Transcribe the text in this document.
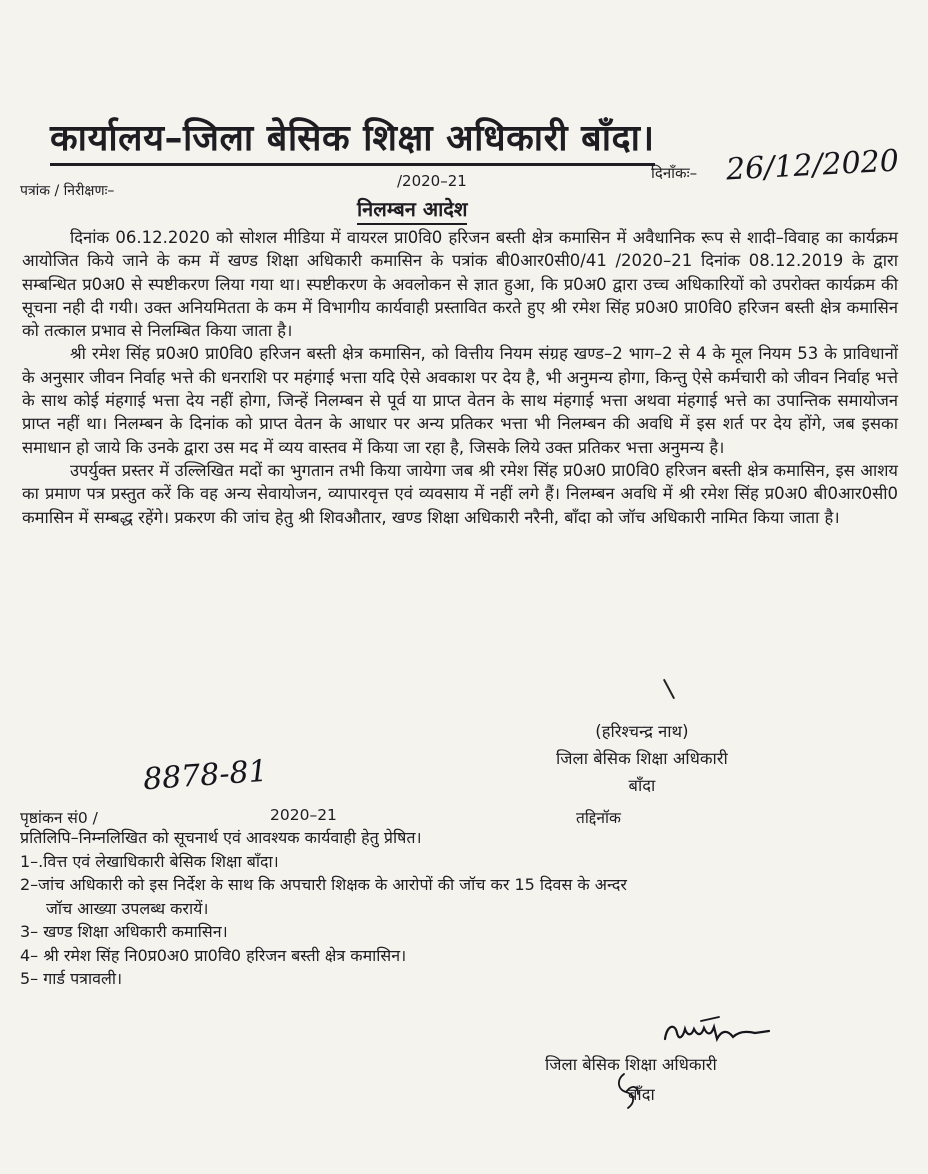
कार्यालय–जिला बेसिक शिक्षा अधिकारी बाँदा।
दिनाँकः– 26/12/2020
पत्रांक / निरीक्षणः–
/2020–21
निलम्बन आदेश

दिनांक 06.12.2020 को सोशल मीडिया में वायरल प्रा0वि0 हरिजन बस्ती क्षेत्र कमासिन में अवैधानिक रूप से शादी–विवाह का कार्यक्रम आयोजित किये जाने के कम में खण्ड शिक्षा अधिकारी कमासिन के पत्रांक बी0आर0सी0/41 /2020–21 दिनांक 08.12.2019 के द्वारा सम्बन्धित प्र0अ0 से स्पष्टीकरण लिया गया था। स्पष्टीकरण के अवलोकन से ज्ञात हुआ, कि प्र0अ0 द्वारा उच्च अधिकारियों को उपरोक्त कार्यक्रम की सूचना नही दी गयी। उक्त अनियमितता के कम में विभागीय कार्यवाही प्रस्तावित करते हुए श्री रमेश सिंह प्र0अ0 प्रा0वि0 हरिजन बस्ती क्षेत्र कमासिन को तत्काल प्रभाव से निलम्बित किया जाता है।

श्री रमेश सिंह प्र0अ0 प्रा0वि0 हरिजन बस्ती क्षेत्र कमासिन, को वित्तीय नियम संग्रह खण्ड–2 भाग–2 से 4 के मूल नियम 53 के प्राविधानों के अनुसार जीवन निर्वाह भत्ते की धनराशि पर महंगाई भत्ता यदि ऐसे अवकाश पर देय है, भी अनुमन्य होगा, किन्तु ऐसे कर्मचारी को जीवन निर्वाह भत्ते के साथ कोई मंहगाई भत्ता देय नहीं होगा, जिन्हें निलम्बन से पूर्व या प्राप्त वेतन के साथ मंहगाई भत्ता अथवा मंहगाई भत्ते का उपान्तिक समायोजन प्राप्त नहीं था। निलम्बन के दिनांक को प्राप्त वेतन के आधार पर अन्य प्रतिकर भत्ता भी निलम्बन की अवधि में इस शर्त पर देय होंगे, जब इसका समाधान हो जाये कि उनके द्वारा उस मद में व्यय वास्तव में किया जा रहा है, जिसके लिये उक्त प्रतिकर भत्ता अनुमन्य है।

उपर्युक्त प्रस्तर में उल्लिखित मदों का भुगतान तभी किया जायेगा जब श्री रमेश सिंह प्र0अ0 प्रा0वि0 हरिजन बस्ती क्षेत्र कमासिन, इस आशय का प्रमाण पत्र प्रस्तुत करें कि वह अन्य सेवायोजन, व्यापारवृत्त एवं व्यवसाय में नहीं लगे हैं। निलम्बन अवधि में श्री रमेश सिंह प्र0अ0 बी0आर0सी0 कमासिन में सम्बद्ध रहेंगे। प्रकरण की जांच हेतु श्री शिवऔतार, खण्ड शिक्षा अधिकारी नरैनी, बाँदा को जॉच अधिकारी नामित किया जाता है।

(हरिश्चन्द्र नाथ)
जिला बेसिक शिक्षा अधिकारी
बाँदा
8878-81
पृष्ठांकन सं0 /	2020–21	तद्दिनॉक
प्रतिलिपि–निम्नलिखित को सूचनार्थ एवं आवश्यक कार्यवाही हेतु प्रेषित।
1–.वित्त एवं लेखाधिकारी बेसिक शिक्षा बाँदा।
2–जांच अधिकारी को इस निर्देश के साथ कि अपचारी शिक्षक के आरोपों की जॉच कर 15 दिवस के अन्दर
जॉच आख्या उपलब्ध करायें।
3– खण्ड शिक्षा अधिकारी कमासिन।
4– श्री रमेश सिंह नि0प्र0अ0 प्रा0वि0 हरिजन बस्ती क्षेत्र कमासिन।
5– गार्ड पत्रावली।
जिला बेसिक शिक्षा अधिकारी
बाँदा
